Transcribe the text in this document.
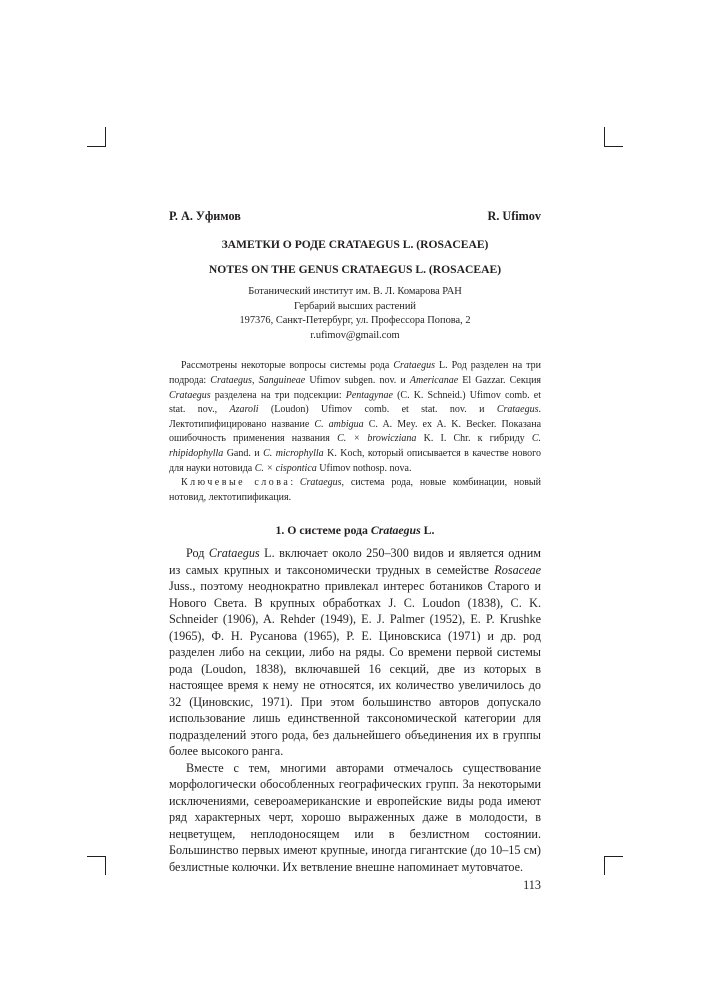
Р. А. Уфимов	R. Ufimov
ЗАМЕТКИ О РОДЕ CRATAEGUS L. (ROSACEAE)
NOTES ON THE GENUS CRATAEGUS L. (ROSACEAE)
Ботанический институт им. В. Л. Комарова РАН
Гербарий высших растений
197376, Санкт-Петербург, ул. Профессора Попова, 2
r.ufimov@gmail.com

Рассмотрены некоторые вопросы системы рода Crataegus L. Род разделен на три подрода: Crataegus, Sanguineae Ufimov subgen. nov. и Americanae El Gazzar. Секция Crataegus разделена на три подсекции: Pentagynae (C. K. Schneid.) Ufimov comb. et stat. nov., Azaroli (Loudon) Ufimov comb. et stat. nov. и Crataegus. Лектотипифицировано название C. ambigua C. A. Mey. ex A. K. Becker. Показана ошибочность применения названия C. × browicziana K. I. Chr. к гибриду C. rhipidophylla Gand. и C. microphylla K. Koch, который описывается в качестве нового для науки нотовида C. × cispontica Ufimov nothosp. nova.

Ключевые слова: Crataegus, система рода, новые комбинации, новый нотовид, лектотипификация.

1. О системе рода Crataegus L.

Род Crataegus L. включает около 250–300 видов и является одним из самых крупных и таксономически трудных в семействе Rosaceae Juss., поэтому неоднократно привлекал интерес ботаников Старого и Нового Света. В крупных обработках J. C. Loudon (1838), C. K. Schneider (1906), A. Rehder (1949), E. J. Palmer (1952), E. P. Krushke (1965), Ф. Н. Русанова (1965), Р. Е. Циновскиса (1971) и др. род разделен либо на секции, либо на ряды. Со времени первой системы рода (Loudon, 1838), включавшей 16 секций, две из которых в настоящее время к нему не относятся, их количество увеличилось до 32 (Циновскис, 1971). При этом большинство авторов допускало использование лишь единственной таксономической категории для подразделений этого рода, без дальнейшего объединения их в группы более высокого ранга.

Вместе с тем, многими авторами отмечалось существование морфологически обособленных географических групп. За некоторыми исключениями, североамериканские и европейские виды рода имеют ряд характерных черт, хорошо выраженных даже в молодости, в нецветущем, неплодоносящем или в безлистном состоянии. Большинство первых имеют крупные, иногда гигантские (до 10–15 см) безлистные колючки. Их ветвление внешне напоминает мутовчатое.

113
